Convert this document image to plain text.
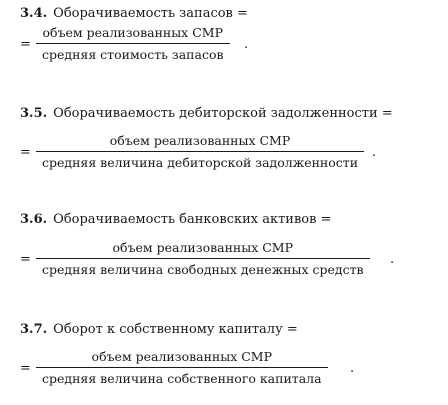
3.4. Оборачиваемость запасов =
=
объем реализованных СМР
средняя стоимость запасов
.
3.5. Оборачиваемость дебиторской задолженности =
=
объем реализованных СМР
средняя величина дебиторской задолженности
.
3.6. Оборачиваемость банковских активов =
=
объем реализованных СМР
средняя величина свободных денежных средств
.
3.7. Оборот к собственному капиталу =
=
объем реализованных СМР
средняя величина собственного капитала
.
